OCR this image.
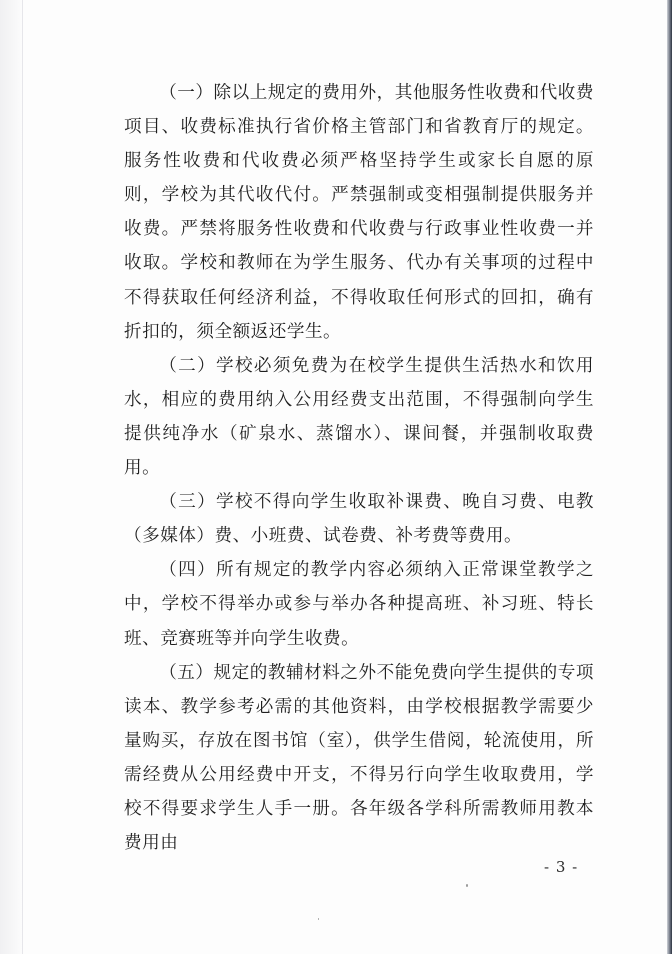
（一）除以上规定的费用外，其他服务性收费和代收费项目、收费标准执行省价格主管部门和省教育厅的规定。服务性收费和代收费必须严格坚持学生或家长自愿的原则，学校为其代收代付。严禁强制或变相强制提供服务并收费。严禁将服务性收费和代收费与行政事业性收费一并收取。学校和教师在为学生服务、代办有关事项的过程中不得获取任何经济利益，不得收取任何形式的回扣，确有折扣的，须全额返还学生。

（二）学校必须免费为在校学生提供生活热水和饮用水，相应的费用纳入公用经费支出范围，不得强制向学生提供纯净水（矿泉水、蒸馏水）、课间餐，并强制收取费用。

（三）学校不得向学生收取补课费、晚自习费、电教（多媒体）费、小班费、试卷费、补考费等费用。

（四）所有规定的教学内容必须纳入正常课堂教学之中，学校不得举办或参与举办各种提高班、补习班、特长班、竞赛班等并向学生收费。

（五）规定的教辅材料之外不能免费向学生提供的专项读本、教学参考必需的其他资料，由学校根据教学需要少量购买，存放在图书馆（室），供学生借阅，轮流使用，所需经费从公用经费中开支，不得另行向学生收取费用，学校不得要求学生人手一册。各年级各学科所需教师用教本费用由

- 3 -
